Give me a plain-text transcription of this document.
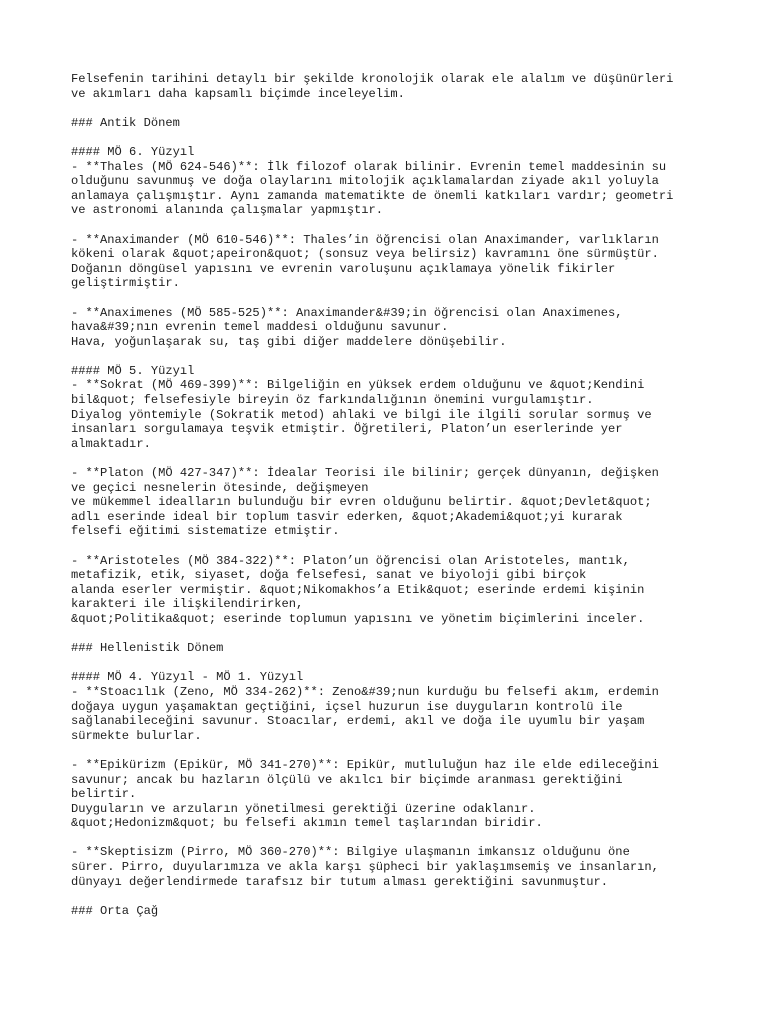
Felsefenin tarihini detaylı bir şekilde kronolojik olarak ele alalım ve düşünürleri
ve akımları daha kapsamlı biçimde inceleyelim.
### Antik Dönem
#### MÖ 6. Yüzyıl
- **Thales (MÖ 624-546)**: İlk filozof olarak bilinir. Evrenin temel maddesinin su
olduğunu savunmuş ve doğa olaylarını mitolojik açıklamalardan ziyade akıl yoluyla
anlamaya çalışmıştır. Aynı zamanda matematikte de önemli katkıları vardır; geometri
ve astronomi alanında çalışmalar yapmıştır.
- **Anaximander (MÖ 610-546)**: Thales’in öğrencisi olan Anaximander, varlıkların
kökeni olarak &quot;apeiron&quot; (sonsuz veya belirsiz) kavramını öne sürmüştür.
Doğanın döngüsel yapısını ve evrenin varoluşunu açıklamaya yönelik fikirler
geliştirmiştir.
- **Anaximenes (MÖ 585-525)**: Anaximander&#39;in öğrencisi olan Anaximenes,
hava&#39;nın evrenin temel maddesi olduğunu savunur.
Hava, yoğunlaşarak su, taş gibi diğer maddelere dönüşebilir.
#### MÖ 5. Yüzyıl
- **Sokrat (MÖ 469-399)**: Bilgeliğin en yüksek erdem olduğunu ve &quot;Kendini
bil&quot; felsefesiyle bireyin öz farkındalığının önemini vurgulamıştır.
Diyalog yöntemiyle (Sokratik metod) ahlaki ve bilgi ile ilgili sorular sormuş ve
insanları sorgulamaya teşvik etmiştir. Öğretileri, Platon’un eserlerinde yer
almaktadır.
- **Platon (MÖ 427-347)**: İdealar Teorisi ile bilinir; gerçek dünyanın, değişken
ve geçici nesnelerin ötesinde, değişmeyen
ve mükemmel idealların bulunduğu bir evren olduğunu belirtir. &quot;Devlet&quot;
adlı eserinde ideal bir toplum tasvir ederken, &quot;Akademi&quot;yi kurarak
felsefi eğitimi sistematize etmiştir.
- **Aristoteles (MÖ 384-322)**: Platon’un öğrencisi olan Aristoteles, mantık,
metafizik, etik, siyaset, doğa felsefesi, sanat ve biyoloji gibi birçok
alanda eserler vermiştir. &quot;Nikomakhos’a Etik&quot; eserinde erdemi kişinin
karakteri ile ilişkilendirirken,
&quot;Politika&quot; eserinde toplumun yapısını ve yönetim biçimlerini inceler.
### Hellenistik Dönem
#### MÖ 4. Yüzyıl - MÖ 1. Yüzyıl
- **Stoacılık (Zeno, MÖ 334-262)**: Zeno&#39;nun kurduğu bu felsefi akım, erdemin
doğaya uygun yaşamaktan geçtiğini, içsel huzurun ise duyguların kontrolü ile
sağlanabileceğini savunur. Stoacılar, erdemi, akıl ve doğa ile uyumlu bir yaşam
sürmekte bulurlar.
- **Epikürizm (Epikür, MÖ 341-270)**: Epikür, mutluluğun haz ile elde edileceğini
savunur; ancak bu hazların ölçülü ve akılcı bir biçimde aranması gerektiğini
belirtir.
Duyguların ve arzuların yönetilmesi gerektiği üzerine odaklanır.
&quot;Hedonizm&quot; bu felsefi akımın temel taşlarından biridir.
- **Skeptisizm (Pirro, MÖ 360-270)**: Bilgiye ulaşmanın imkansız olduğunu öne
sürer. Pirro, duyularımıza ve akla karşı şüpheci bir yaklaşımsemiş ve insanların,
dünyayı değerlendirmede tarafsız bir tutum alması gerektiğini savunmuştur.
### Orta Çağ
